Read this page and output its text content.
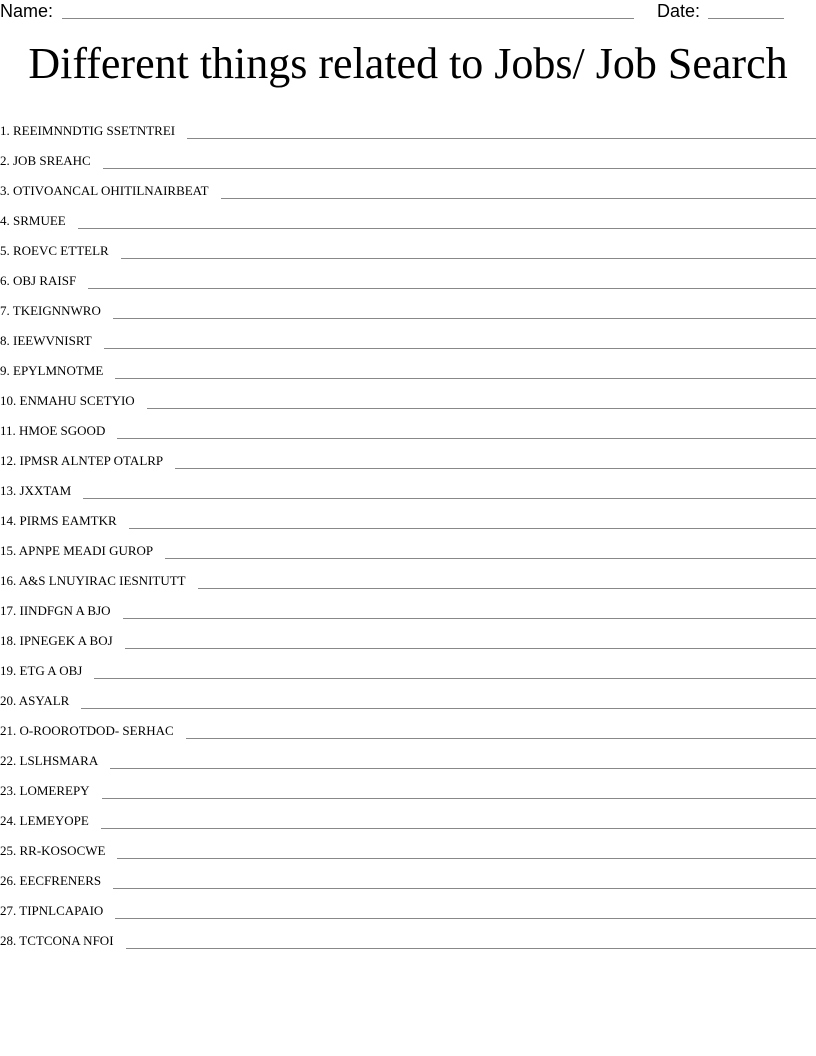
Name:	Date:
Different things related to Jobs/ Job Search
1. REEIMNNDTIG SSETNTREI
2. JOB SREAHC
3. OTIVOANCAL OHITILNAIRBEAT
4. SRMUEE
5. ROEVC ETTELR
6. OBJ RAISF
7. TKEIGNNWRO
8. IEEWVNISRT
9. EPYLMNOTME
10. ENMAHU SCETYIO
11. HMOE SGOOD
12. IPMSR ALNTEP OTALRP
13. JXXTAM
14. PIRMS EAMTKR
15. APNPE MEADI GUROP
16. A&S LNUYIRAC IESNITUTT
17. IINDFGN A BJO
18. IPNEGEK A BOJ
19. ETG A OBJ
20. ASYALR
21. O-ROOROTDOD- SERHAC
22. LSLHSMARA
23. LOMEREPY
24. LEMEYOPE
25. RR-KOSOCWE
26. EECFRENERS
27. TIPNLCAPAIO
28. TCTCONA NFOI
